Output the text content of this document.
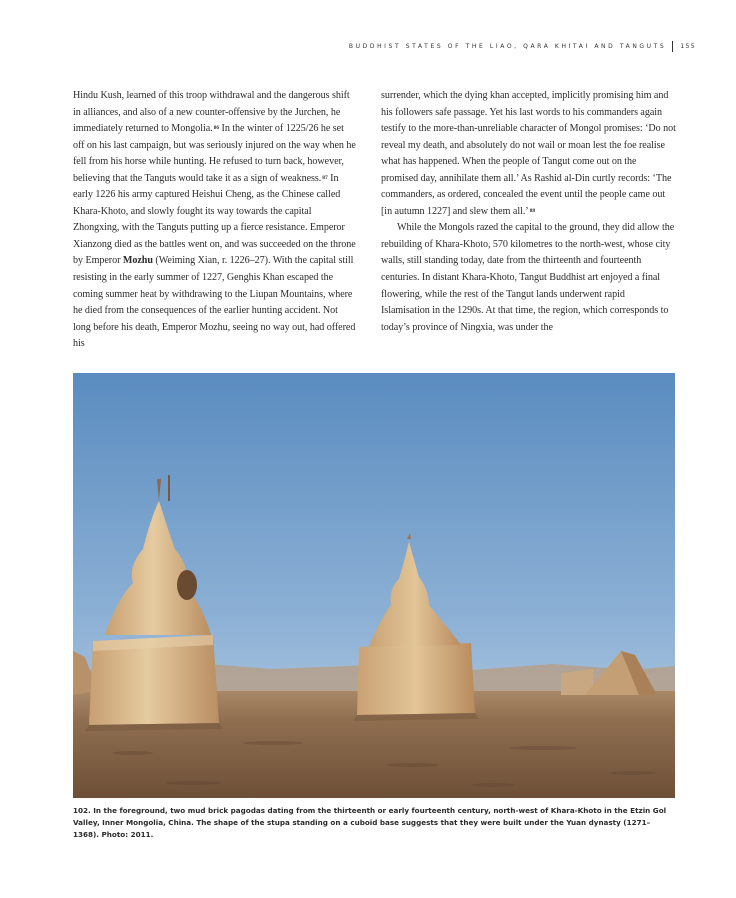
BUDDHIST STATES OF THE LIAO, QARA KHITAI AND TANGUTS 155

Hindu Kush, learned of this troop withdrawal and the dangerous shift in alliances, and also of a new counter-offensive by the Jurchen, he immediately returned to Mongolia.$^{86}$ In the winter of 1225/26 he set off on his last campaign, but was seriously injured on the way when he fell from his horse while hunting. He refused to turn back, however, believing that the Tanguts would take it as a sign of weakness.$^{87}$ In early 1226 his army captured Heishui Cheng, as the Chinese called Khara-Khoto, and slowly fought its way towards the capital Zhongxing, with the Tanguts putting up a fierce resistance. Emperor Xianzong died as the battles went on, and was succeeded on the throne by Emperor Mozhu (Weiming Xian, r. 1226–27). With the capital still resisting in the early summer of 1227, Genghis Khan escaped the coming summer heat by withdrawing to the Liupan Mountains, where he died from the consequences of the earlier hunting accident. Not long before his death, Emperor Mozhu, seeing no way out, had offered his

surrender, which the dying khan accepted, implicitly promising him and his followers safe passage. Yet his last words to his commanders again testify to the more-than-unreliable character of Mongol promises: ‘Do not reveal my death, and absolutely do not wail or moan lest the foe realise what has happened. When the people of Tangut come out on the promised day, annihilate them all.’ As Rashid al-Din curtly records: ‘The commanders, as ordered, concealed the event until the people came out [in autumn 1227] and slew them all.’$^{88}$

While the Mongols razed the capital to the ground, they did allow the rebuilding of Khara-Khoto, 570 kilometres to the north-west, whose city walls, still standing today, date from the thirteenth and fourteenth centuries. In distant Khara-Khoto, Tangut Buddhist art enjoyed a final flowering, while the rest of the Tangut lands underwent rapid Islamisation in the 1290s. At that time, the region, which corresponds to today’s province of Ningxia, was under the

102. In the foreground, two mud brick pagodas dating from the thirteenth or early fourteenth century, north-west of Khara-Khoto in the Etzin Gol Valley, Inner Mongolia, China. The shape of the stupa standing on a cuboid base suggests that they were built under the Yuan dynasty (1271–1368). Photo: 2011.
